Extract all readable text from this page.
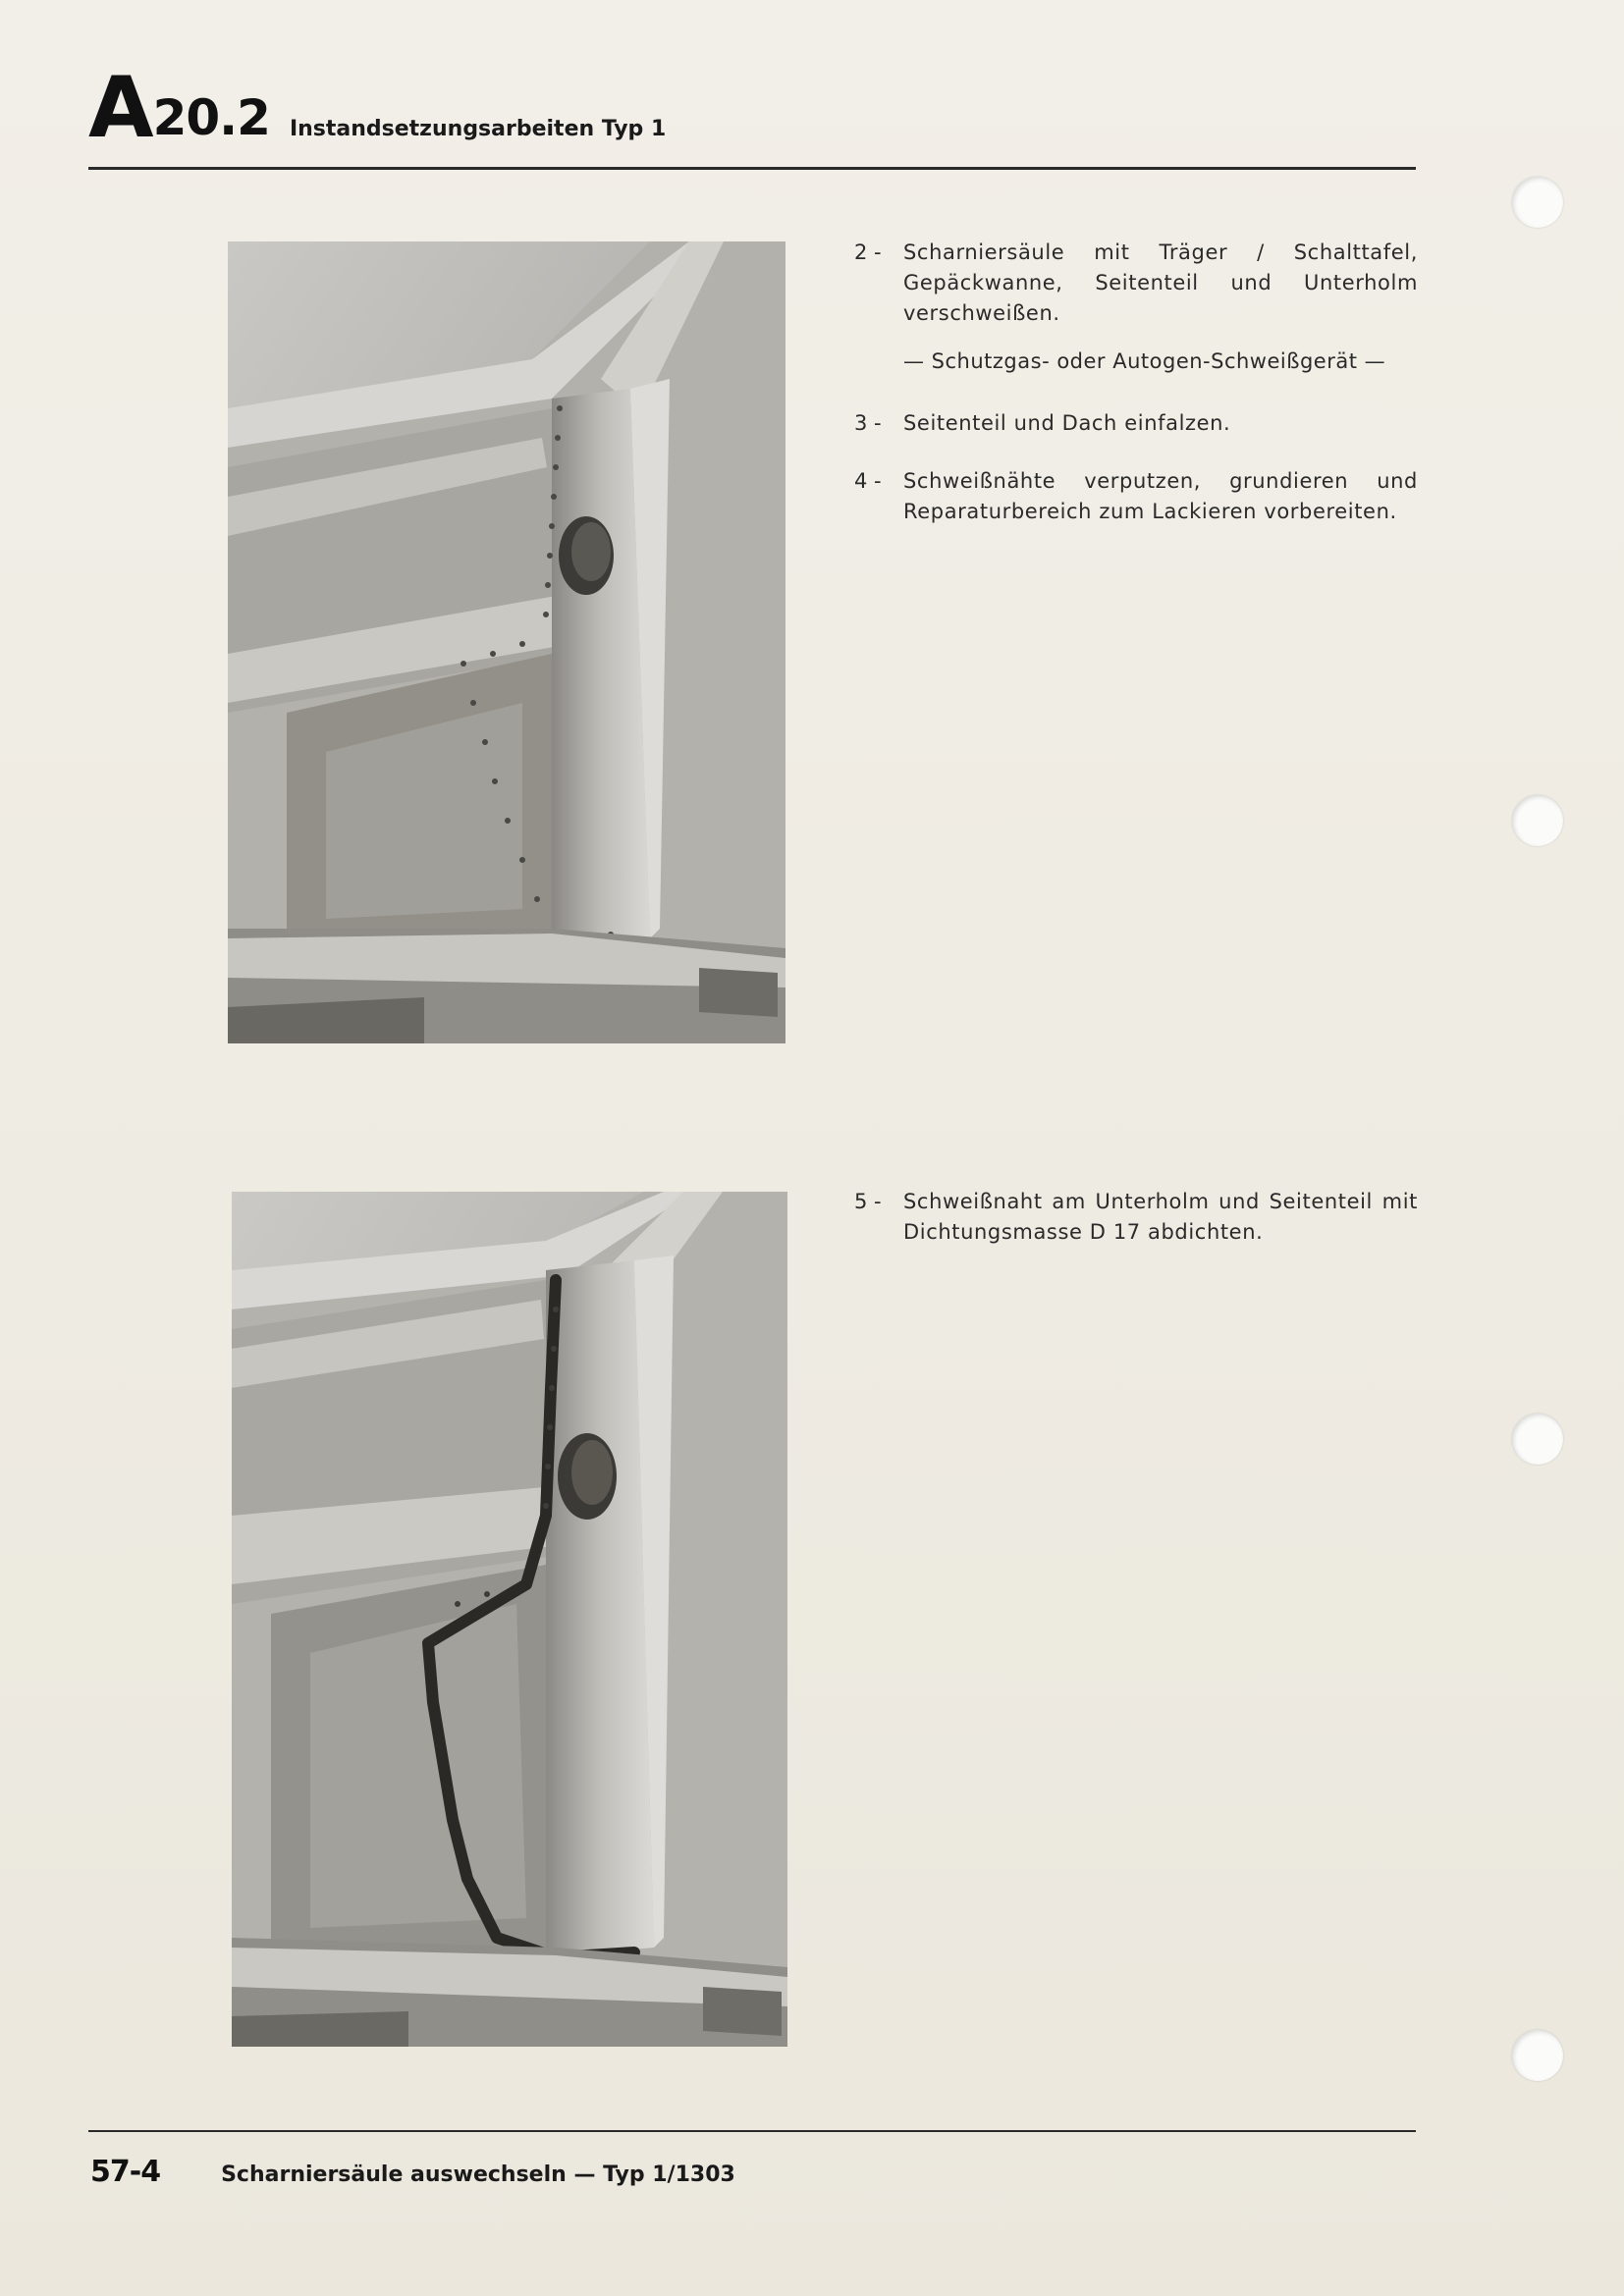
A 20.2 Instandsetzungsarbeiten Typ 1
2 -	Scharniersäule mit Träger / Schalttafel, Gepäckwanne, Seitenteil und Unterholm verschweißen.
— Schutzgas- oder Autogen-Schweißgerät —
3 -	Seitenteil und Dach einfalzen.
4 -	Schweißnähte verputzen, grundieren und Reparaturbereich zum Lackieren vorbereiten.
5 -	Schweißnaht am Unterholm und Seitenteil mit Dichtungsmasse D 17 abdichten.
57-4	Scharniersäule auswechseln — Typ 1/1303
